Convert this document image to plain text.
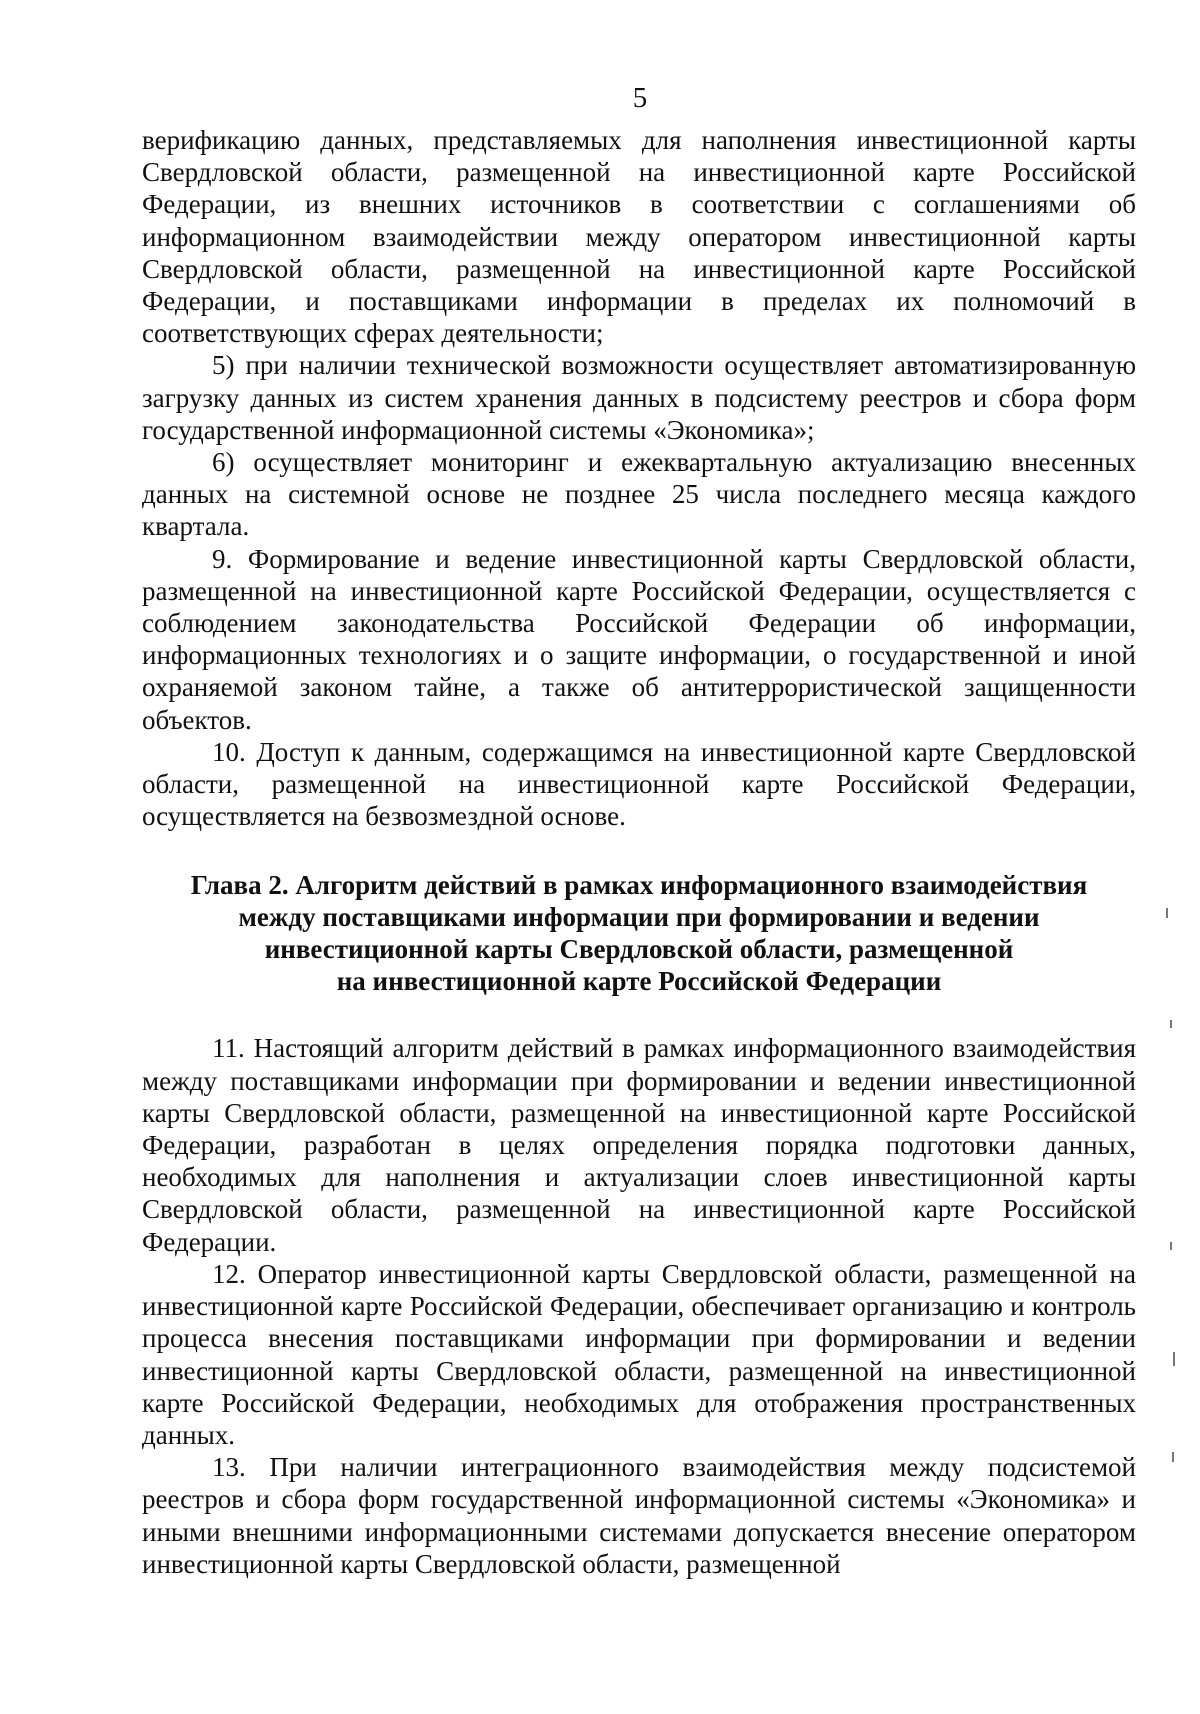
5

верификацию данных, представляемых для наполнения инвестиционной карты Свердловской области, размещенной на инвестиционной карте Российской Федерации, из внешних источников в соответствии с соглашениями об информационном взаимодействии между оператором инвестиционной карты Свердловской области, размещенной на инвестиционной карте Российской Федерации, и поставщиками информации в пределах их полномочий в соответствующих сферах деятельности;

5) при наличии технической возможности осуществляет автоматизированную загрузку данных из систем хранения данных в подсистему реестров и сбора форм государственной информационной системы «Экономика»;

6) осуществляет мониторинг и ежеквартальную актуализацию внесенных данных на системной основе не позднее 25 числа последнего месяца каждого квартала.

9. Формирование и ведение инвестиционной карты Свердловской области, размещенной на инвестиционной карте Российской Федерации, осуществляется с соблюдением законодательства Российской Федерации об информации, информационных технологиях и о защите информации, о государственной и иной охраняемой законом тайне, а также об антитеррористической защищенности объектов.

10. Доступ к данным, содержащимся на инвестиционной карте Свердловской области, размещенной на инвестиционной карте Российской Федерации, осуществляется на безвозмездной основе.

Глава 2. Алгоритм действий в рамках информационного взаимодействия
между поставщиками информации при формировании и ведении
инвестиционной карты Свердловской области, размещенной
на инвестиционной карте Российской Федерации

11. Настоящий алгоритм действий в рамках информационного взаимодействия между поставщиками информации при формировании и ведении инвестиционной карты Свердловской области, размещенной на инвестиционной карте Российской Федерации, разработан в целях определения порядка подготовки данных, необходимых для наполнения и актуализации слоев инвестиционной карты Свердловской области, размещенной на инвестиционной карте Российской Федерации.

12. Оператор инвестиционной карты Свердловской области, размещенной на инвестиционной карте Российской Федерации, обеспечивает организацию и контроль процесса внесения поставщиками информации при формировании и ведении инвестиционной карты Свердловской области, размещенной на инвестиционной карте Российской Федерации, необходимых для отображения пространственных данных.

13. При наличии интеграционного взаимодействия между подсистемой реестров и сбора форм государственной информационной системы «Экономика» и иными внешними информационными системами допускается внесение оператором инвестиционной карты Свердловской области, размещенной
